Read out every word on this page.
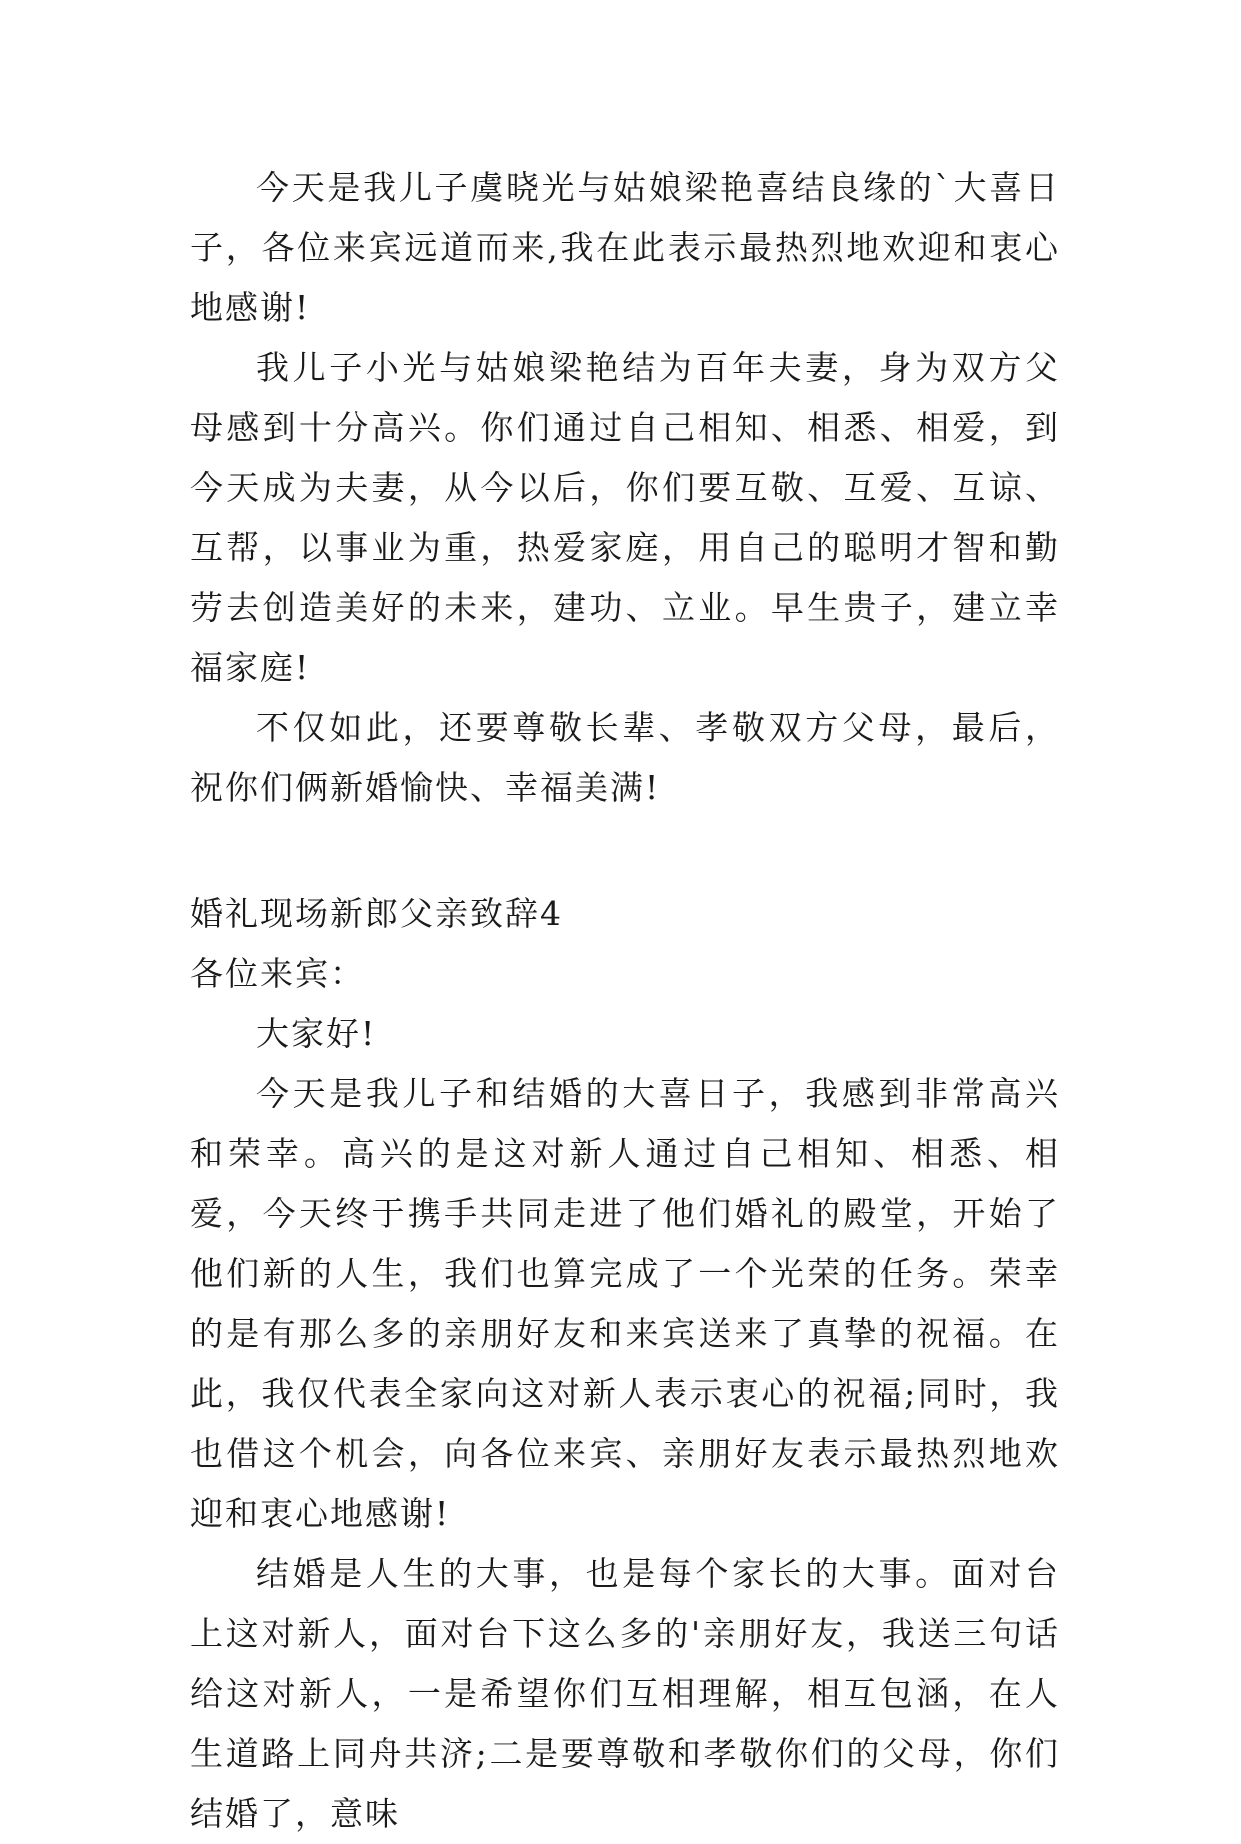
今天是我儿子虞晓光与姑娘梁艳喜结良缘的`大喜日子，各位来宾远道而来,我在此表示最热烈地欢迎和衷心地感谢!

我儿子小光与姑娘梁艳结为百年夫妻，身为双方父母感到十分高兴。你们通过自己相知、相悉、相爱，到今天成为夫妻，从今以后，你们要互敬、互爱、互谅、互帮，以事业为重，热爱家庭，用自己的聪明才智和勤劳去创造美好的未来，建功、立业。早生贵子，建立幸福家庭!

不仅如此，还要尊敬长辈、孝敬双方父母，最后，祝你们俩新婚愉快、幸福美满!

婚礼现场新郎父亲致辞4

各位来宾：

大家好!

今天是我儿子和结婚的大喜日子，我感到非常高兴和荣幸。高兴的是这对新人通过自己相知、相悉、相爱，今天终于携手共同走进了他们婚礼的殿堂，开始了他们新的人生，我们也算完成了一个光荣的任务。荣幸的是有那么多的亲朋好友和来宾送来了真挚的祝福。在此，我仅代表全家向这对新人表示衷心的祝福;同时，我也借这个机会，向各位来宾、亲朋好友表示最热烈地欢迎和衷心地感谢!

结婚是人生的大事，也是每个家长的大事。面对台上这对新人，面对台下这么多的'亲朋好友，我送三句话给这对新人，一是希望你们互相理解，相互包涵，在人生道路上同舟共济;二是要尊敬和孝敬你们的父母，你们结婚了，意味
